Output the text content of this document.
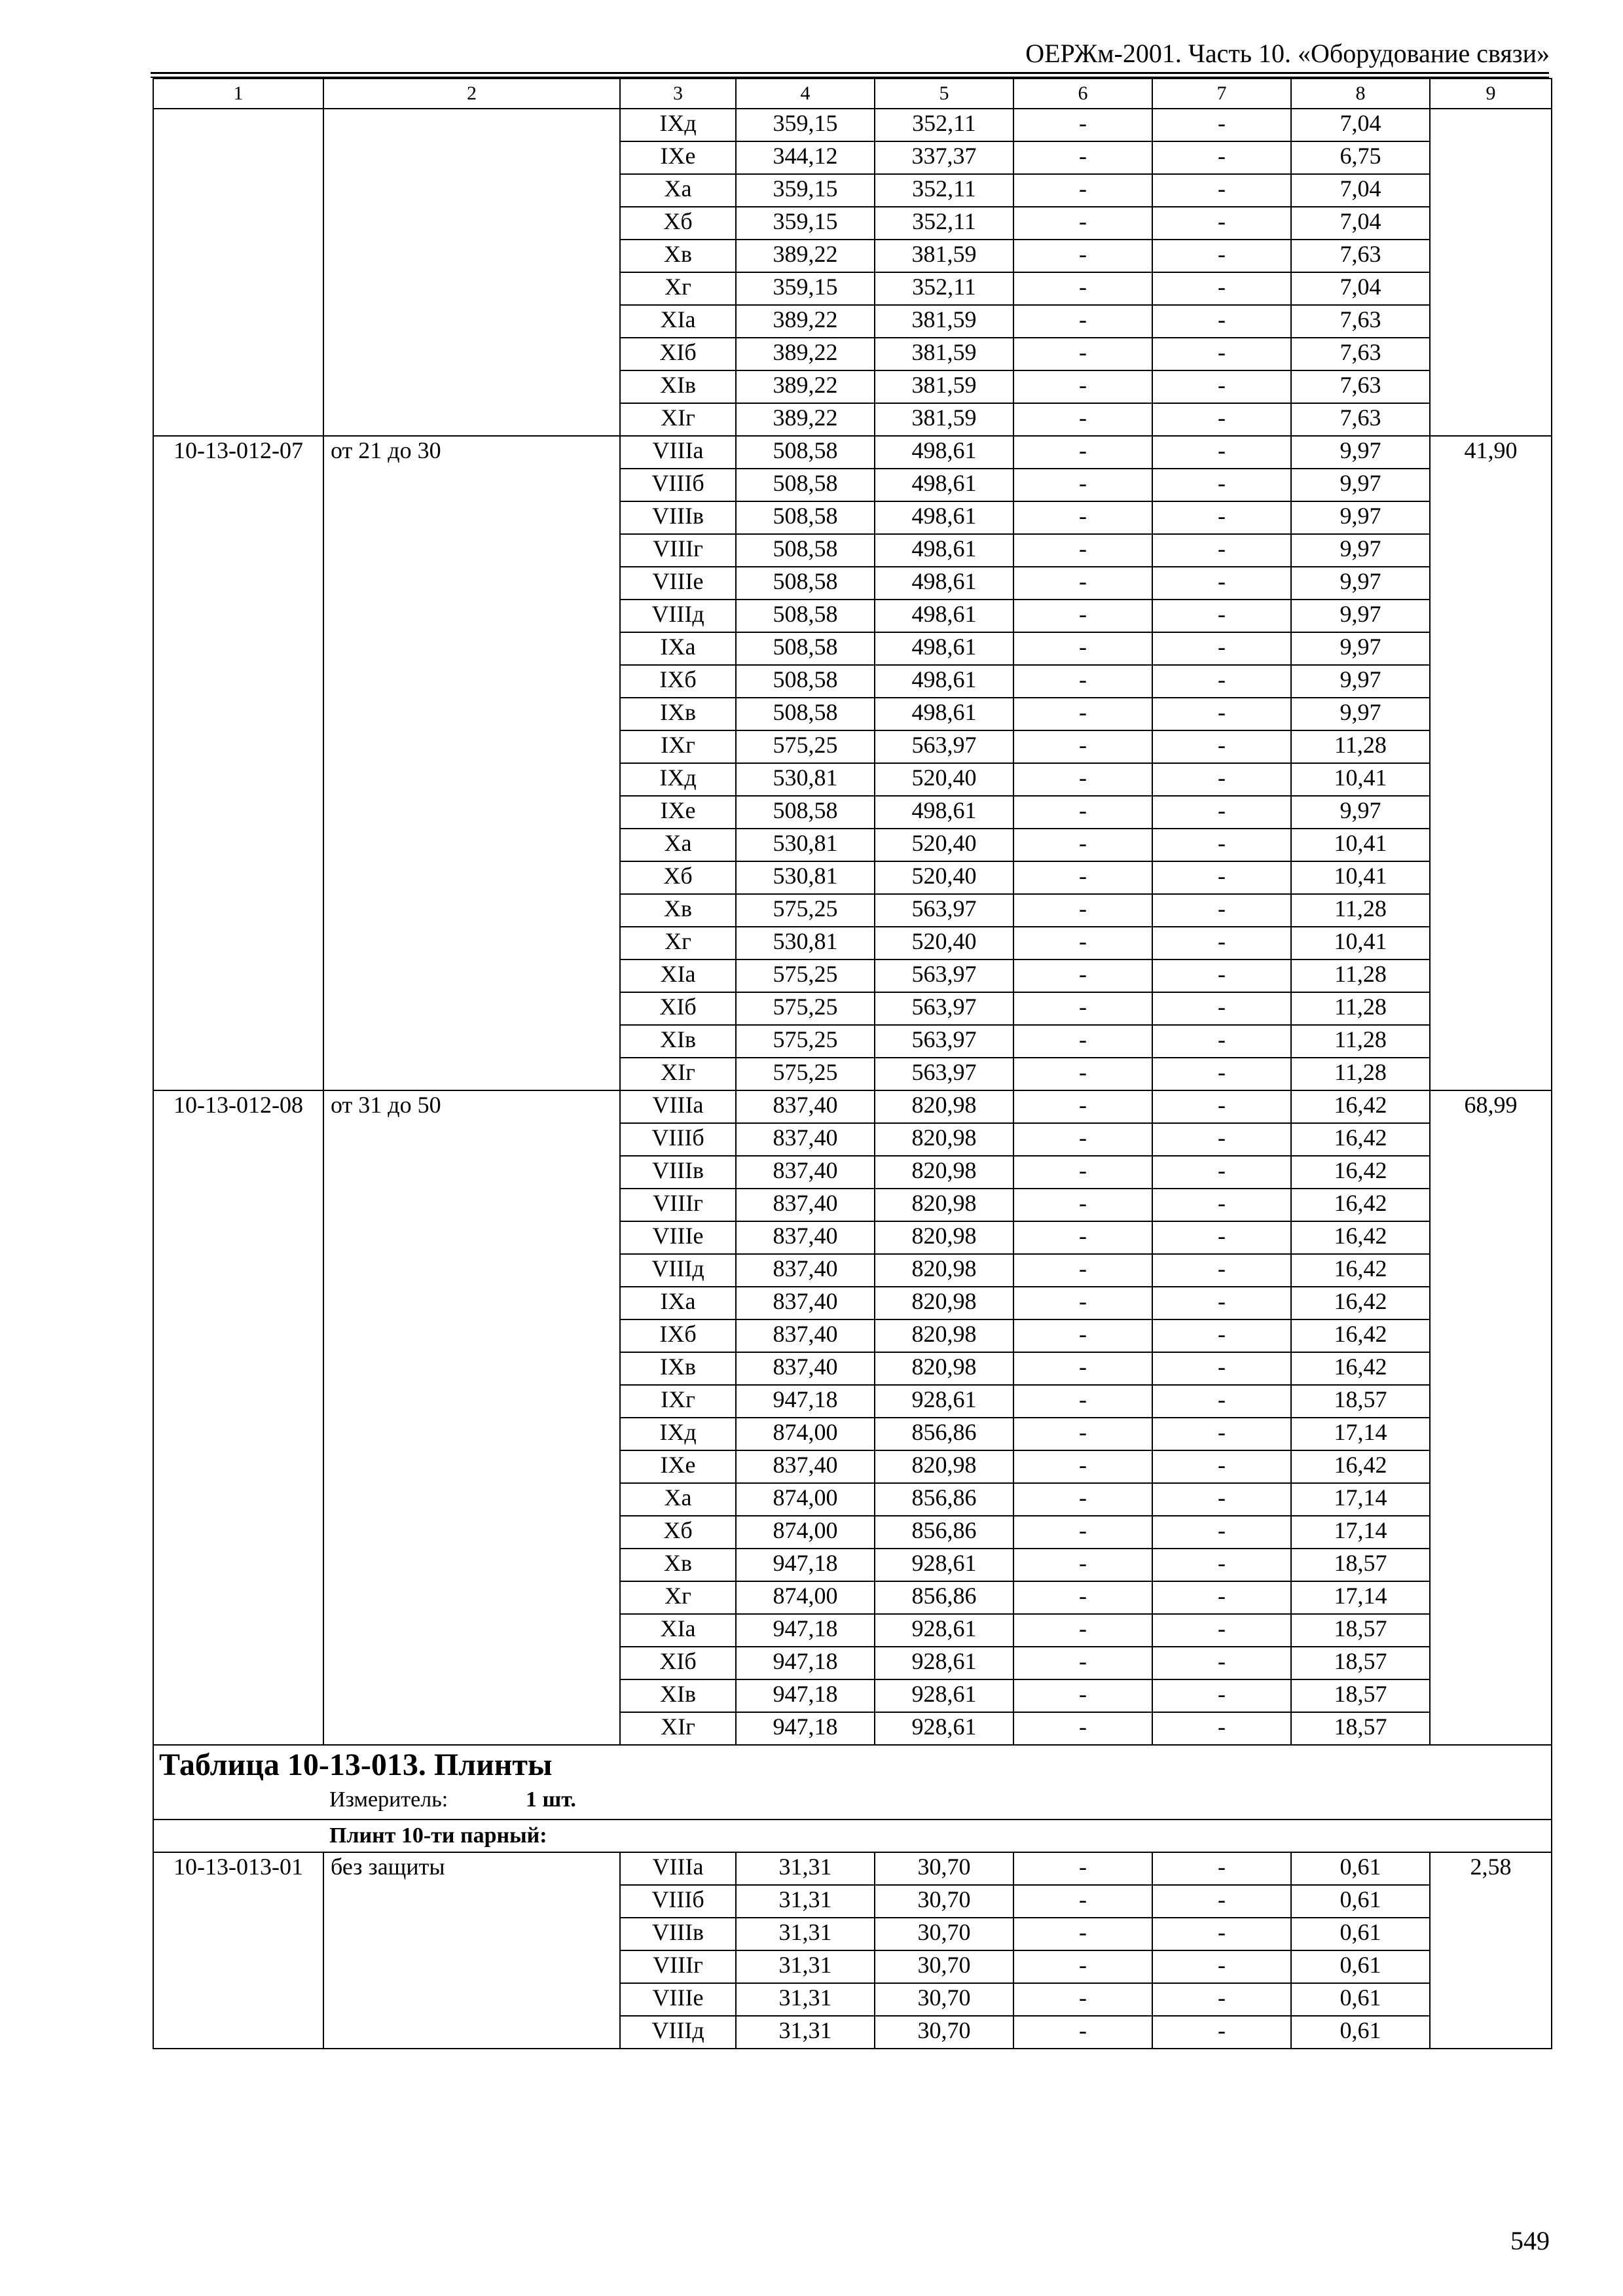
ОЕРЖм-2001. Часть 10. «Оборудование связи»
1	2	3	4	5	6	7	8	9
		IXд	359,15	352,11	-	-	7,04	
		IXе	344,12	337,37	-	-	6,75	
		Xа	359,15	352,11	-	-	7,04	
		Xб	359,15	352,11	-	-	7,04	
		Xв	389,22	381,59	-	-	7,63	
		Xг	359,15	352,11	-	-	7,04	
		XIа	389,22	381,59	-	-	7,63	
		XIб	389,22	381,59	-	-	7,63	
		XIв	389,22	381,59	-	-	7,63	
		XIг	389,22	381,59	-	-	7,63	
10-13-012-07	от 21 до 30	VIIIа	508,58	498,61	-	-	9,97	41,90
		VIIIб	508,58	498,61	-	-	9,97	
		VIIIв	508,58	498,61	-	-	9,97	
		VIIIг	508,58	498,61	-	-	9,97	
		VIIIе	508,58	498,61	-	-	9,97	
		VIIIд	508,58	498,61	-	-	9,97	
		IXа	508,58	498,61	-	-	9,97	
		IXб	508,58	498,61	-	-	9,97	
		IXв	508,58	498,61	-	-	9,97	
		IXг	575,25	563,97	-	-	11,28	
		IXд	530,81	520,40	-	-	10,41	
		IXе	508,58	498,61	-	-	9,97	
		Xа	530,81	520,40	-	-	10,41	
		Xб	530,81	520,40	-	-	10,41	
		Xв	575,25	563,97	-	-	11,28	
		Xг	530,81	520,40	-	-	10,41	
		XIа	575,25	563,97	-	-	11,28	
		XIб	575,25	563,97	-	-	11,28	
		XIв	575,25	563,97	-	-	11,28	
		XIг	575,25	563,97	-	-	11,28	
10-13-012-08	от 31 до 50	VIIIа	837,40	820,98	-	-	16,42	68,99
		VIIIб	837,40	820,98	-	-	16,42	
		VIIIв	837,40	820,98	-	-	16,42	
		VIIIг	837,40	820,98	-	-	16,42	
		VIIIе	837,40	820,98	-	-	16,42	
		VIIIд	837,40	820,98	-	-	16,42	
		IXа	837,40	820,98	-	-	16,42	
		IXб	837,40	820,98	-	-	16,42	
		IXв	837,40	820,98	-	-	16,42	
		IXг	947,18	928,61	-	-	18,57	
		IXд	874,00	856,86	-	-	17,14	
		IXе	837,40	820,98	-	-	16,42	
		Xа	874,00	856,86	-	-	17,14	
		Xб	874,00	856,86	-	-	17,14	
		Xв	947,18	928,61	-	-	18,57	
		Xг	874,00	856,86	-	-	17,14	
		XIа	947,18	928,61	-	-	18,57	
		XIб	947,18	928,61	-	-	18,57	
		XIв	947,18	928,61	-	-	18,57	
		XIг	947,18	928,61	-	-	18,57	

Таблица 10-13-013. Плинты
Измеритель: 1 шт.								

Плинт 10-ти парный:								
10-13-013-01	без защиты	VIIIа	31,31	30,70	-	-	0,61	2,58
		VIIIб	31,31	30,70	-	-	0,61	
		VIIIв	31,31	30,70	-	-	0,61	
		VIIIг	31,31	30,70	-	-	0,61	
		VIIIе	31,31	30,70	-	-	0,61	
		VIIIд	31,31	30,70	-	-	0,61	
549
